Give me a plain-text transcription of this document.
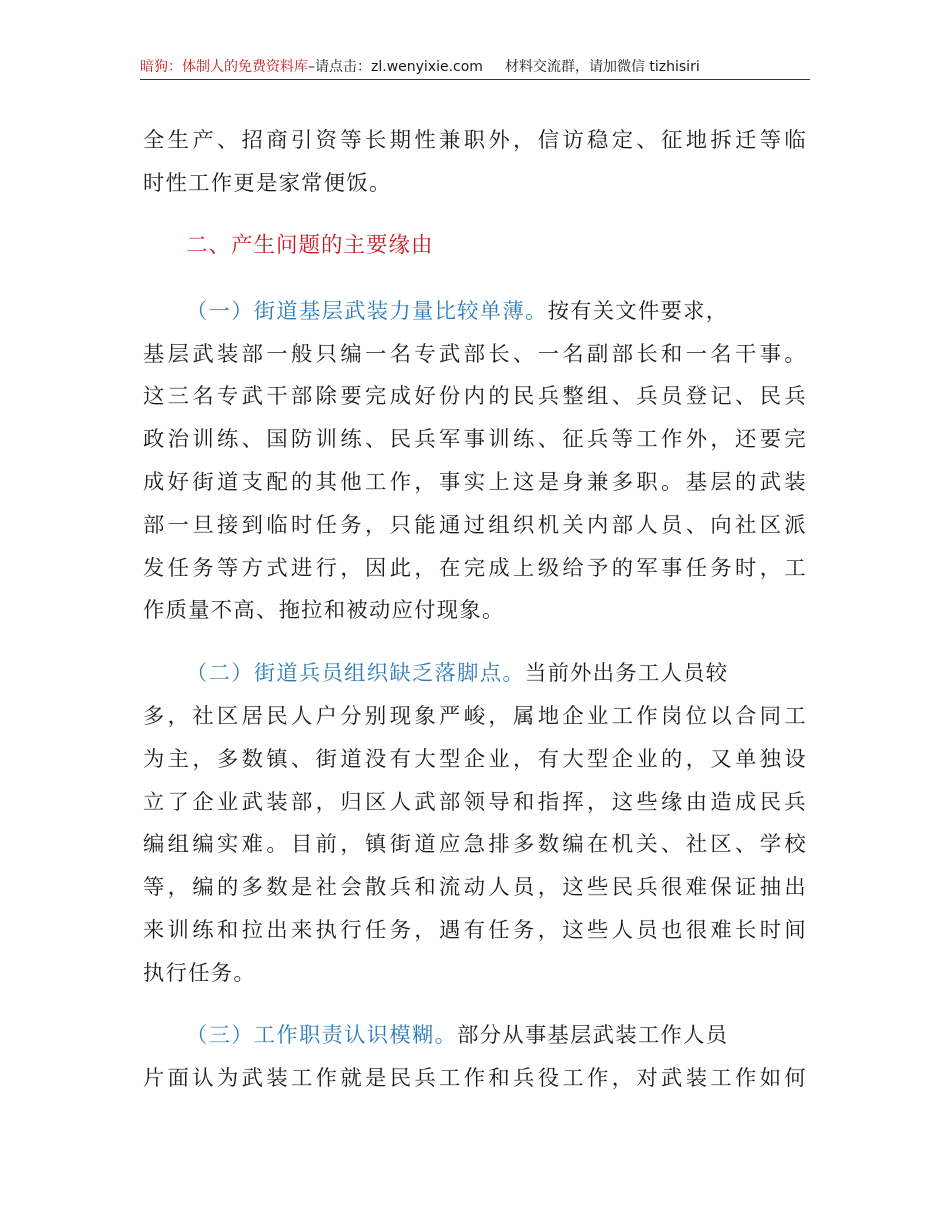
暗狗：体制人的免费资料库–请点击：zl.wenyixie.com 材料交流群，请加微信 tizhisiri
全生产、招商引资等长期性兼职外，信访稳定、征地拆迁等临
时性工作更是家常便饭。
二、产生问题的主要缘由
（一）街道基层武装力量比较单薄。按有关文件要求，
基层武装部一般只编一名专武部长、一名副部长和一名干事。
这三名专武干部除要完成好份内的民兵整组、兵员登记、民兵
政治训练、国防训练、民兵军事训练、征兵等工作外，还要完
成好街道支配的其他工作，事实上这是身兼多职。基层的武装
部一旦接到临时任务，只能通过组织机关内部人员、向社区派
发任务等方式进行，因此，在完成上级给予的军事任务时，工
作质量不高、拖拉和被动应付现象。
（二）街道兵员组织缺乏落脚点。当前外出务工人员较
多，社区居民人户分别现象严峻，属地企业工作岗位以合同工
为主，多数镇、街道没有大型企业，有大型企业的，又单独设
立了企业武装部，归区人武部领导和指挥，这些缘由造成民兵
编组编实难。目前，镇街道应急排多数编在机关、社区、学校
等，编的多数是社会散兵和流动人员，这些民兵很难保证抽出
来训练和拉出来执行任务，遇有任务，这些人员也很难长时间
执行任务。
（三）工作职责认识模糊。部分从事基层武装工作人员
片面认为武装工作就是民兵工作和兵役工作，对武装工作如何
